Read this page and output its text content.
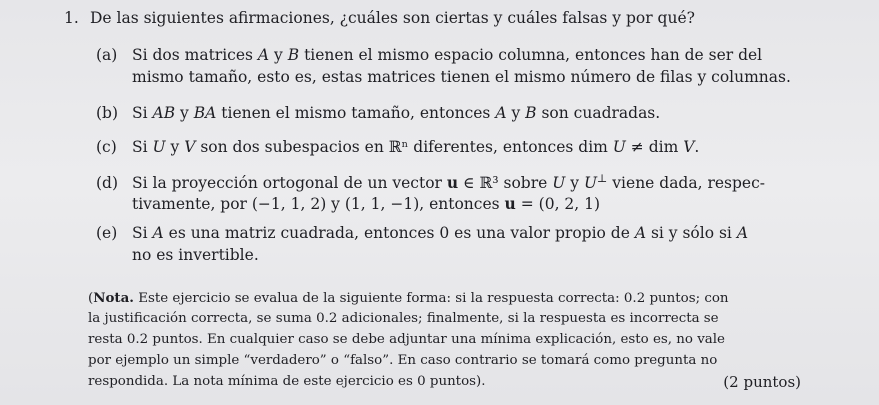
1. De las siguientes afirmaciones, ¿cuáles son ciertas y cuáles falsas y por qué?
(a) Si dos matrices A y B tienen el mismo espacio columna, entonces han de ser del
mismo tamaño, esto es, estas matrices tienen el mismo número de filas y columnas.
(b) Si AB y BA tienen el mismo tamaño, entonces A y B son cuadradas.
(c) Si U y V son dos subespacios en ℝⁿ diferentes, entonces dim U ≠ dim V.
(d) Si la proyección ortogonal de un vector u ∈ ℝ³ sobre U y U⊥ viene dada, respec-
tivamente, por (−1, 1, 2) y (1, 1, −1), entonces u = (0, 2, 1)
(e) Si A es una matriz cuadrada, entonces 0 es una valor propio de A si y sólo si A
no es invertible.
(Nota. Este ejercicio se evalua de la siguiente forma: si la respuesta correcta: 0.2 puntos; con
la justificación correcta, se suma 0.2 adicionales; finalmente, si la respuesta es incorrecta se
resta 0.2 puntos. En cualquier caso se debe adjuntar una mínima explicación, esto es, no vale
por ejemplo un simple “verdadero” o “falso”. En caso contrario se tomará como pregunta no
respondida. La nota mínima de este ejercicio es 0 puntos).	(2 puntos)
